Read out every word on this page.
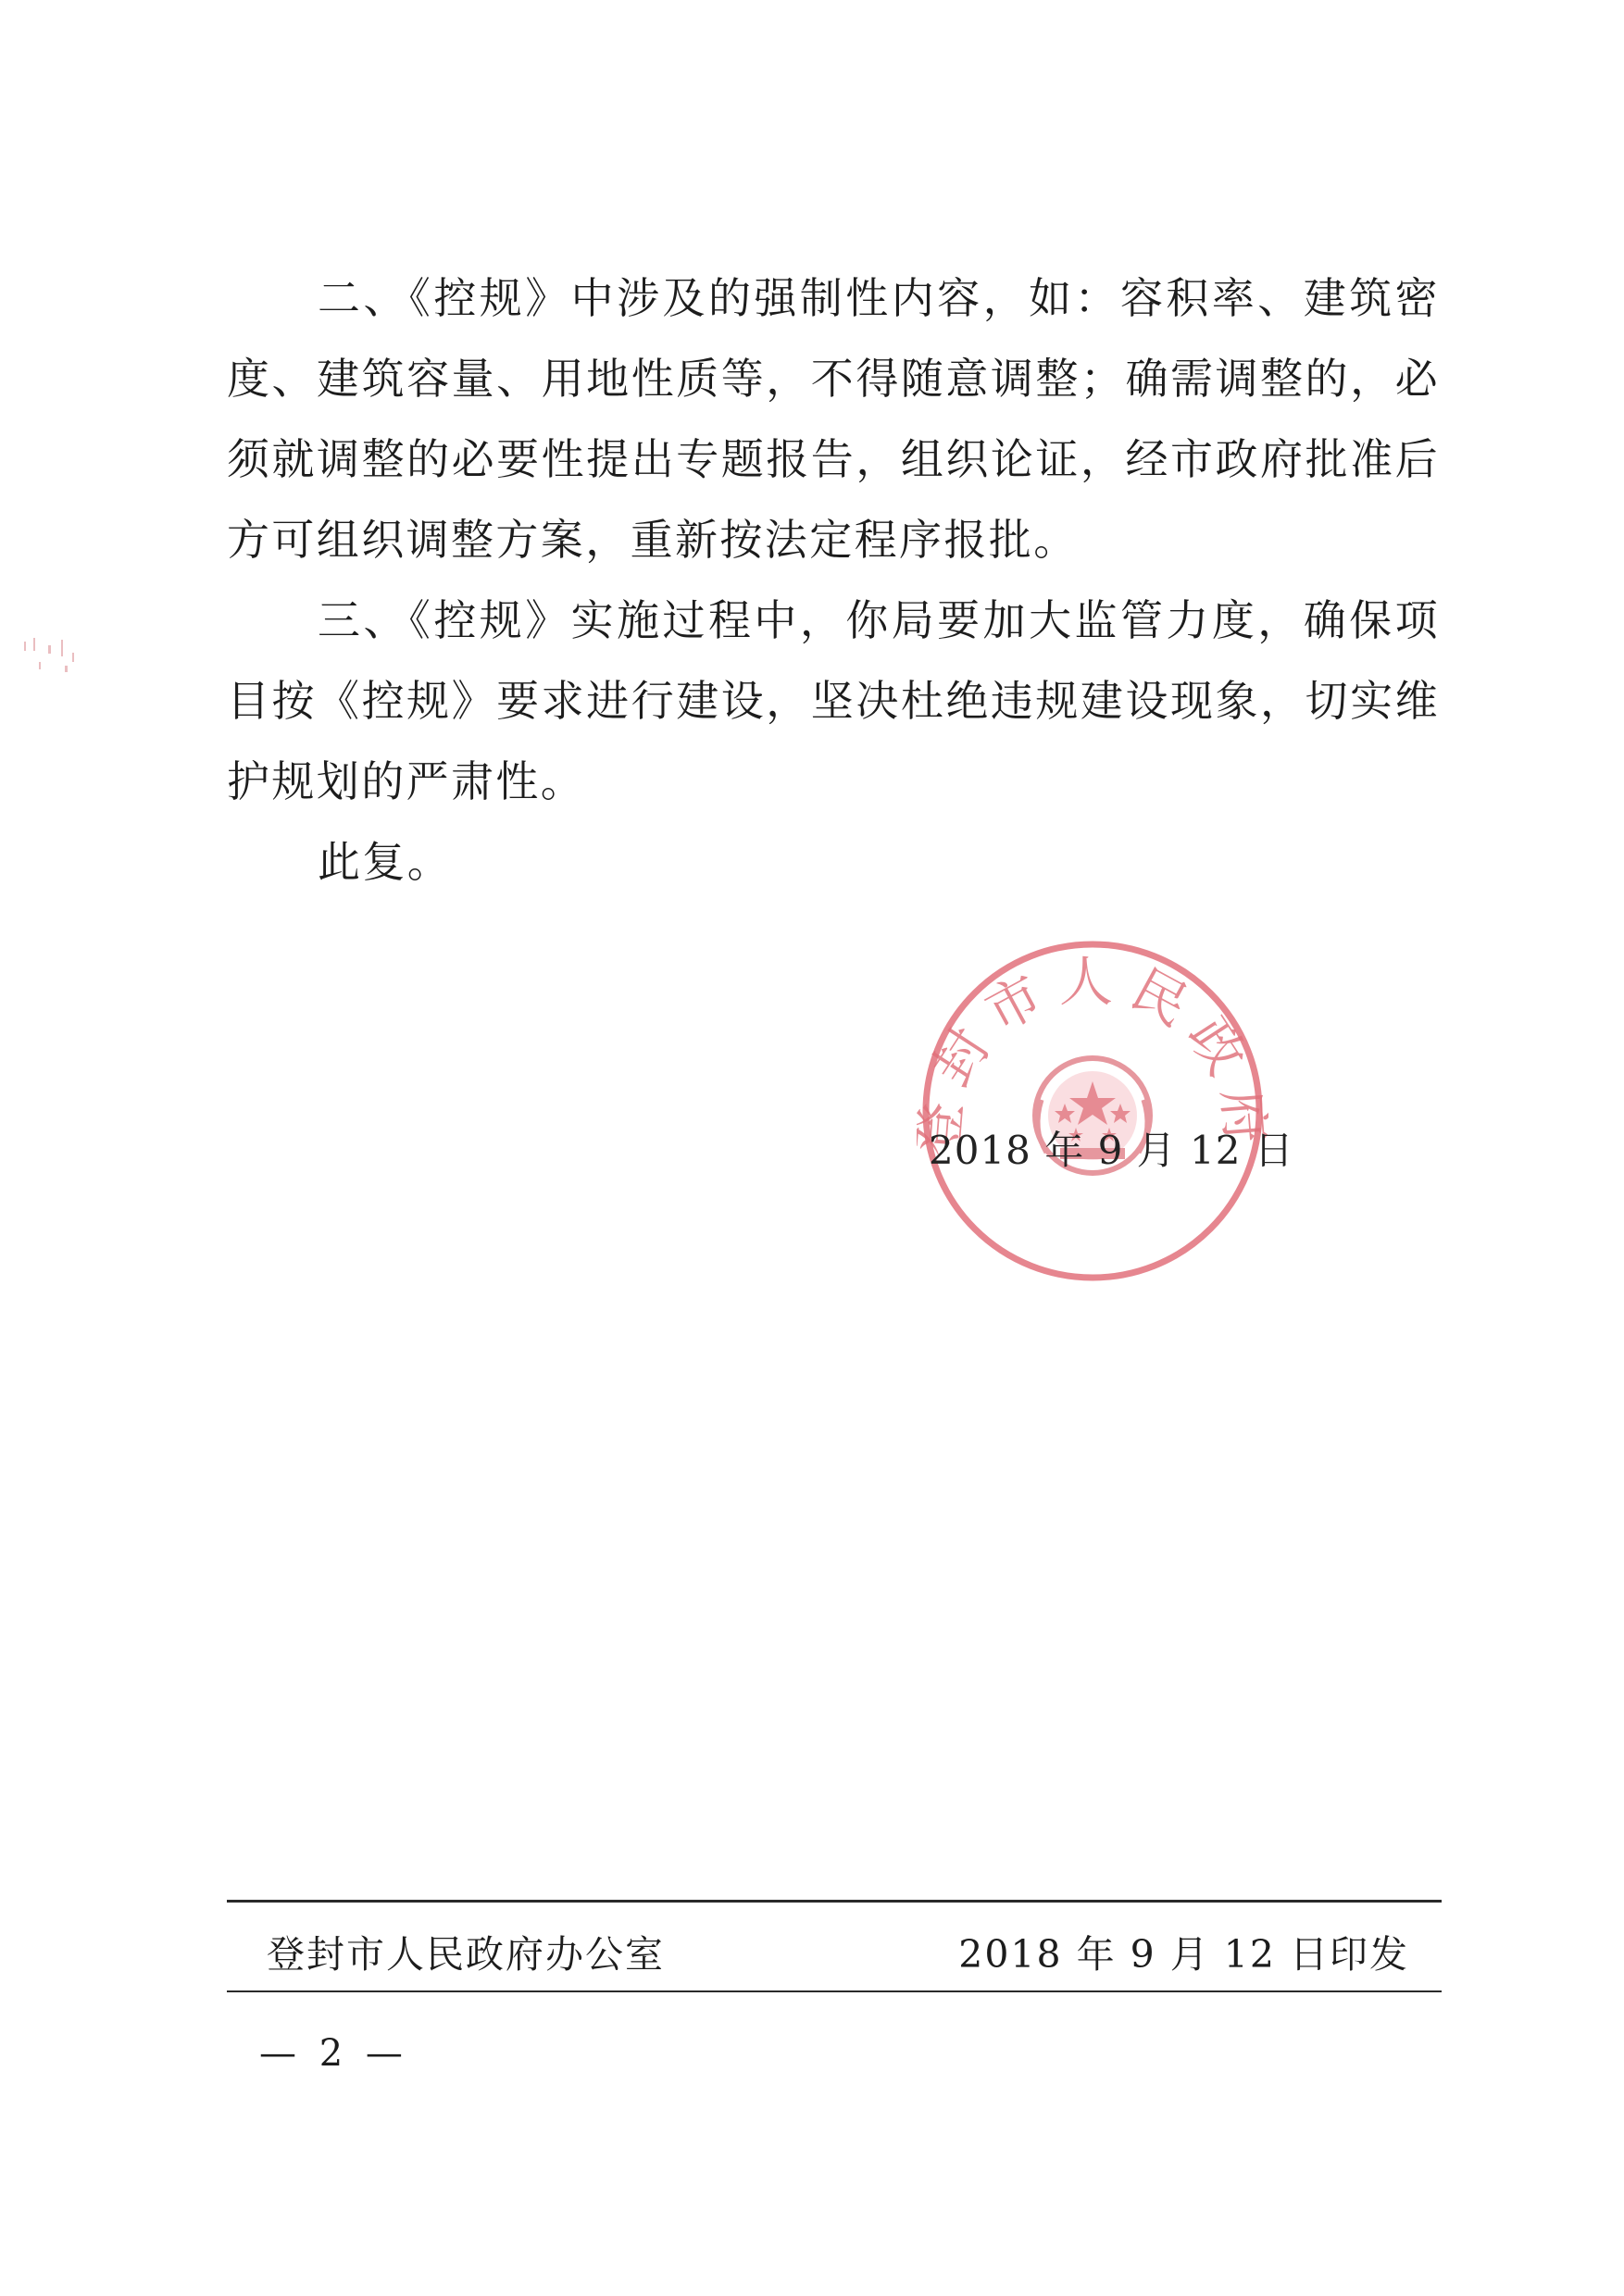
二、《控规》中涉及的强制性内容，如：容积率、建筑密度、建筑容量、用地性质等，不得随意调整；确需调整的，必须就调整的必要性提出专题报告，组织论证，经市政府批准后方可组织调整方案，重新按法定程序报批。

三、《控规》实施过程中，你局要加大监管力度，确保项目按《控规》要求进行建设，坚决杜绝违规建设现象，切实维护规划的严肃性。

此复。

封市人民政
2018 年 9 月 12 日
登封市人民政府办公室	2018 年 9 月 12 日印发
— 2 —
